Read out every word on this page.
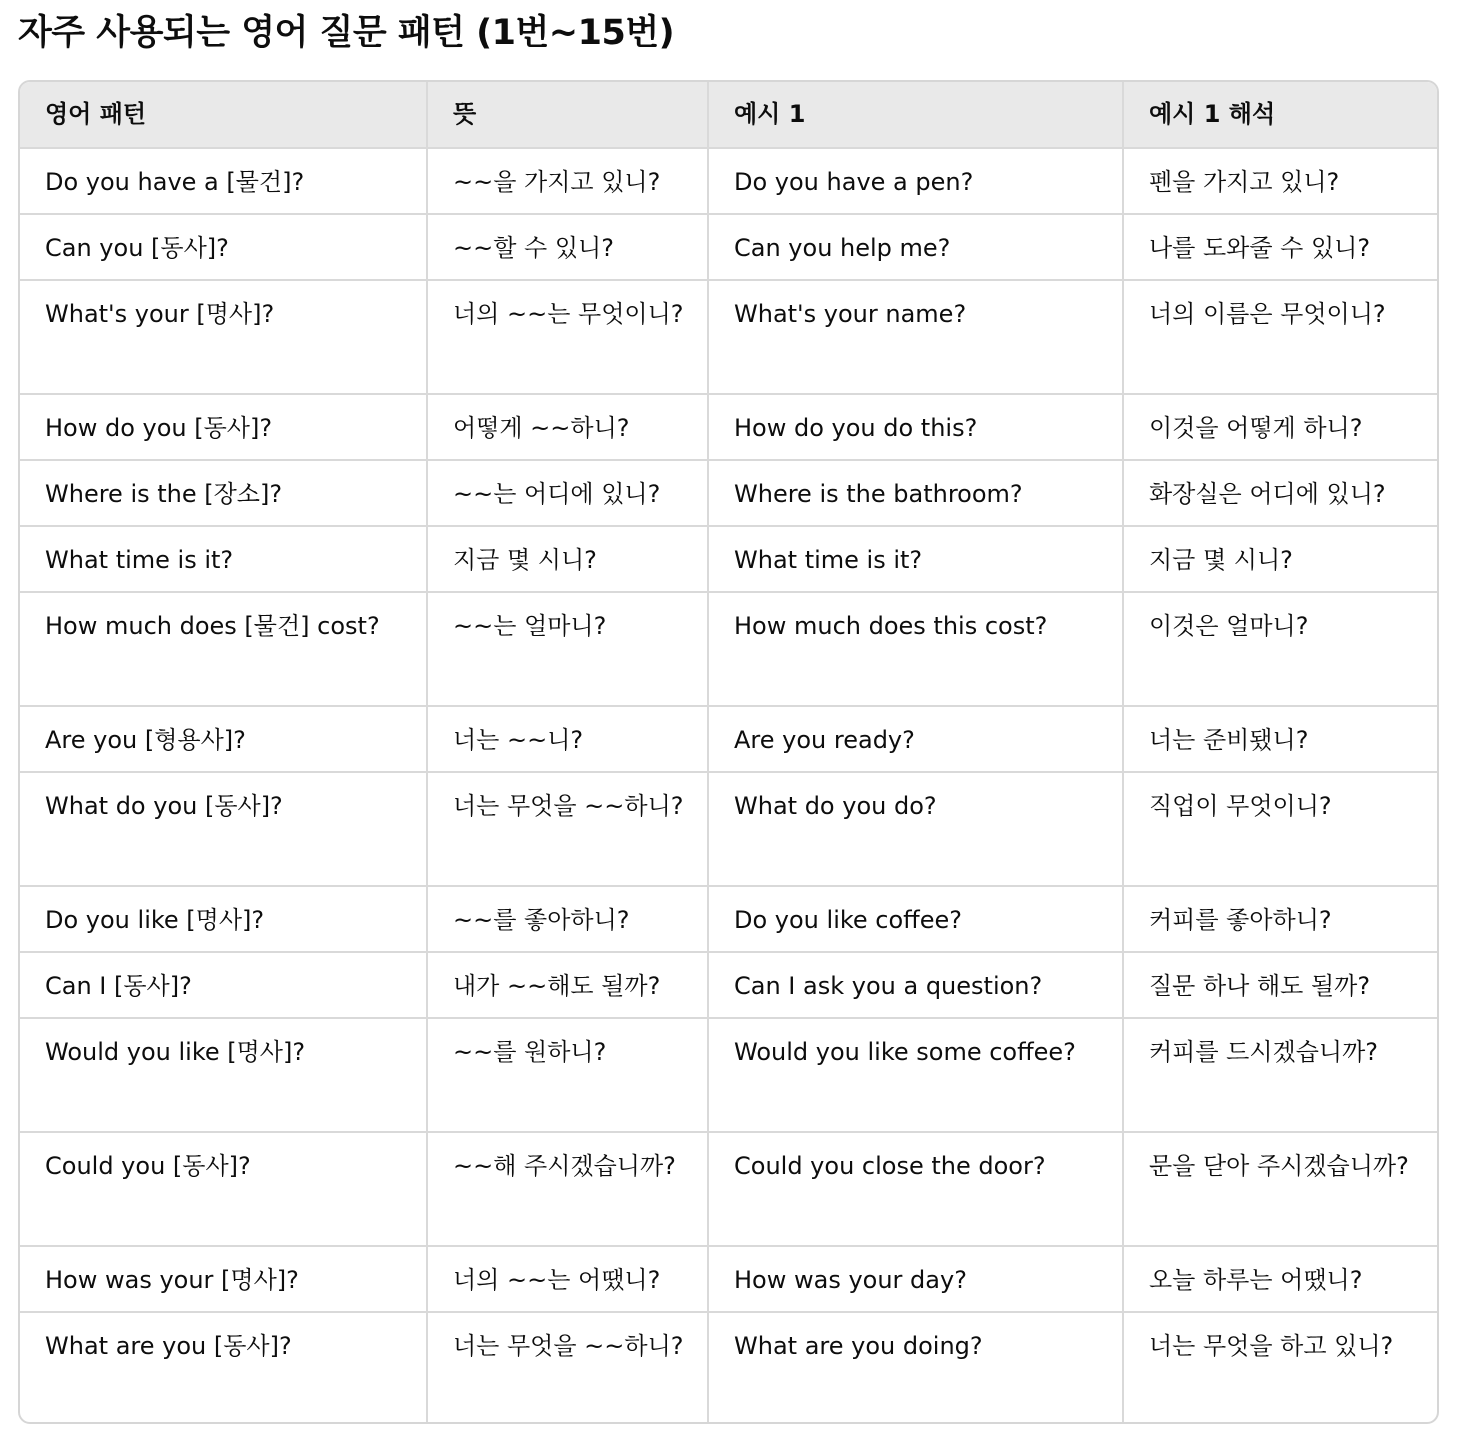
자주 사용되는 영어 질문 패턴 (1번~15번)
영어 패턴	뜻	예시 1	예시 1 해석
Do you have a [물건]?	~~을 가지고 있니?	Do you have a pen?	펜을 가지고 있니?
Can you [동사]?	~~할 수 있니?	Can you help me?	나를 도와줄 수 있니?
What's your [명사]?	너의 ~~는 무엇이니?	What's your name?	너의 이름은 무엇이니?
How do you [동사]?	어떻게 ~~하니?	How do you do this?	이것을 어떻게 하니?
Where is the [장소]?	~~는 어디에 있니?	Where is the bathroom?	화장실은 어디에 있니?
What time is it?	지금 몇 시니?	What time is it?	지금 몇 시니?
How much does [물건] cost?	~~는 얼마니?	How much does this cost?	이것은 얼마니?
Are you [형용사]?	너는 ~~니?	Are you ready?	너는 준비됐니?
What do you [동사]?	너는 무엇을 ~~하니?	What do you do?	직업이 무엇이니?
Do you like [명사]?	~~를 좋아하니?	Do you like coffee?	커피를 좋아하니?
Can I [동사]?	내가 ~~해도 될까?	Can I ask you a question?	질문 하나 해도 될까?
Would you like [명사]?	~~를 원하니?	Would you like some coffee?	커피를 드시겠습니까?
Could you [동사]?	~~해 주시겠습니까?	Could you close the door?	문을 닫아 주시겠습니까?
How was your [명사]?	너의 ~~는 어땠니?	How was your day?	오늘 하루는 어땠니?
What are you [동사]?	너는 무엇을 ~~하니?	What are you doing?	너는 무엇을 하고 있니?
